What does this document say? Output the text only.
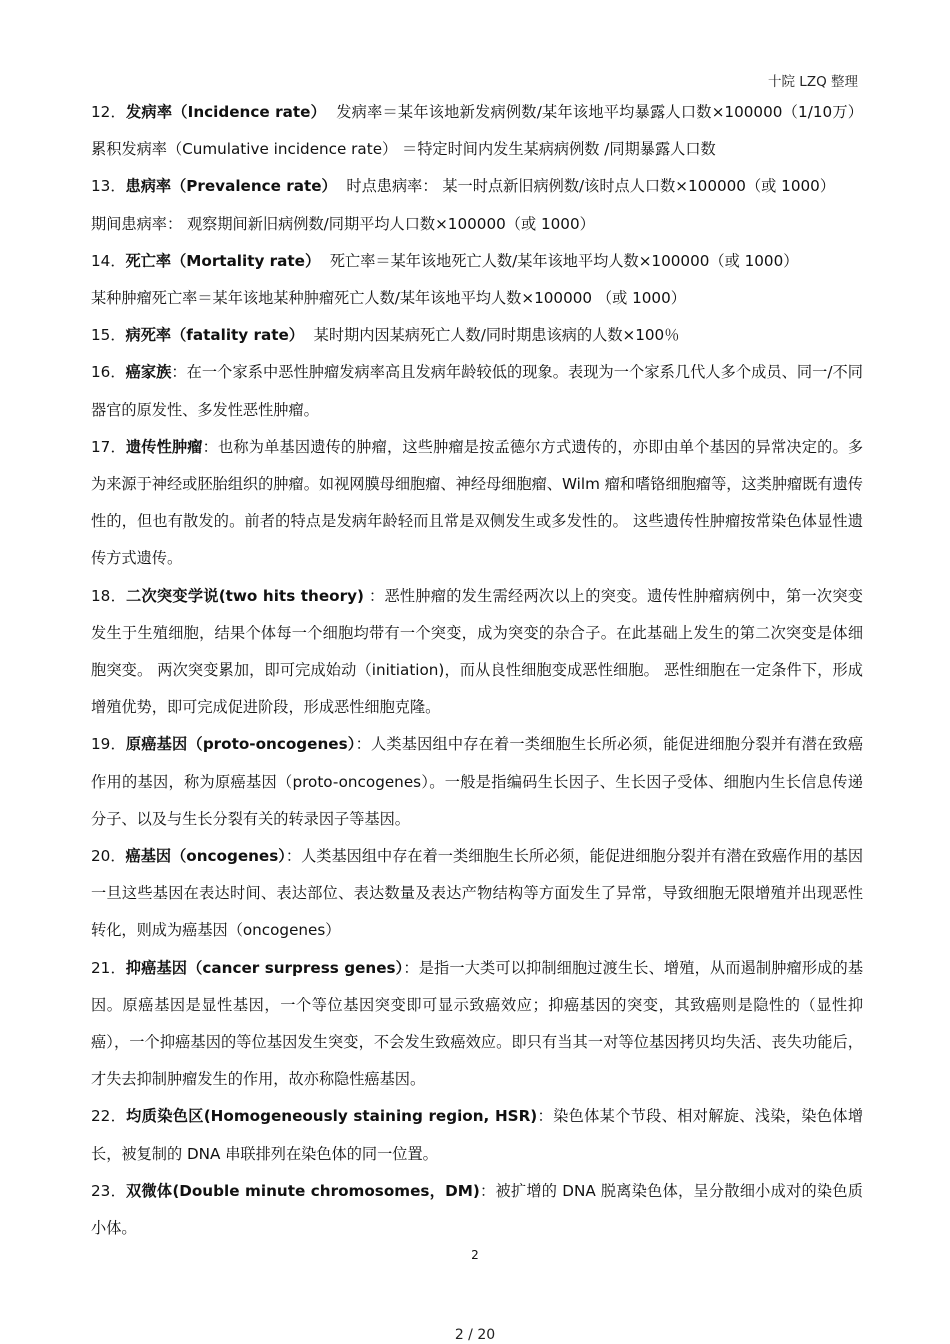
十院 LZQ 整理
12．发病率（Incidence rate） 发病率＝某年该地新发病例数/某年该地平均暴露人口数×100000（1/10万）累积发病率（Cumulative incidence rate） ＝特定时间内发生某病病例数 /同期暴露人口数
13．患病率（Prevalence rate） 时点患病率： 某一时点新旧病例数/该时点人口数×100000（或 1000）
期间患病率： 观察期间新旧病例数/同期平均人口数×100000（或 1000）
14．死亡率（Mortality rate） 死亡率＝某年该地死亡人数/某年该地平均人数×100000（或 1000）
某种肿瘤死亡率＝某年该地某种肿瘤死亡人数/某年该地平均人数×100000 （或 1000）
15．病死率（fatality rate） 某时期内因某病死亡人数/同时期患该病的人数×100％
16．癌家族：在一个家系中恶性肿瘤发病率高且发病年龄较低的现象。表现为一个家系几代人多个成员、同一/不同器官的原发性、多发性恶性肿瘤。
17．遗传性肿瘤：也称为单基因遗传的肿瘤，这些肿瘤是按孟德尔方式遗传的，亦即由单个基因的异常决定的。多为来源于神经或胚胎组织的肿瘤。如视网膜母细胞瘤、神经母细胞瘤、Wilm 瘤和嗜铬细胞瘤等，这类肿瘤既有遗传性的，但也有散发的。前者的特点是发病年龄轻而且常是双侧发生或多发性的。 这些遗传性肿瘤按常染色体显性遗传方式遗传。
18．二次突变学说(two hits theory) ：恶性肿瘤的发生需经两次以上的突变。遗传性肿瘤病例中，第一次突变发生于生殖细胞，结果个体每一个细胞均带有一个突变，成为突变的杂合子。在此基础上发生的第二次突变是体细胞突变。 两次突变累加，即可完成始动（initiation)，而从良性细胞变成恶性细胞。 恶性细胞在一定条件下，形成增殖优势，即可完成促进阶段，形成恶性细胞克隆。
19．原癌基因（proto-oncogenes）：人类基因组中存在着一类细胞生长所必须，能促进细胞分裂并有潜在致癌作用的基因，称为原癌基因（proto-oncogenes）。一般是指编码生长因子、生长因子受体、细胞内生长信息传递分子、以及与生长分裂有关的转录因子等基因。
20．癌基因（oncogenes）：人类基因组中存在着一类细胞生长所必须，能促进细胞分裂并有潜在致癌作用的基因一旦这些基因在表达时间、表达部位、表达数量及表达产物结构等方面发生了异常，导致细胞无限增殖并出现恶性转化，则成为癌基因（oncogenes）
21．抑癌基因（cancer surpress genes）：是指一大类可以抑制细胞过渡生长、增殖，从而遏制肿瘤形成的基因。原癌基因是显性基因，一个等位基因突变即可显示致癌效应；抑癌基因的突变，其致癌则是隐性的（显性抑癌），一个抑癌基因的等位基因发生突变，不会发生致癌效应。即只有当其一对等位基因拷贝均失活、丧失功能后，才失去抑制肿瘤发生的作用，故亦称隐性癌基因。
22．均质染色区(Homogeneously staining region, HSR)：染色体某个节段、相对解旋、浅染，染色体增长，被复制的 DNA 串联排列在染色体的同一位置。
23．双微体(Double minute chromosomes，DM)：被扩增的 DNA 脱离染色体，呈分散细小成对的染色质小体。
2
2 / 20
